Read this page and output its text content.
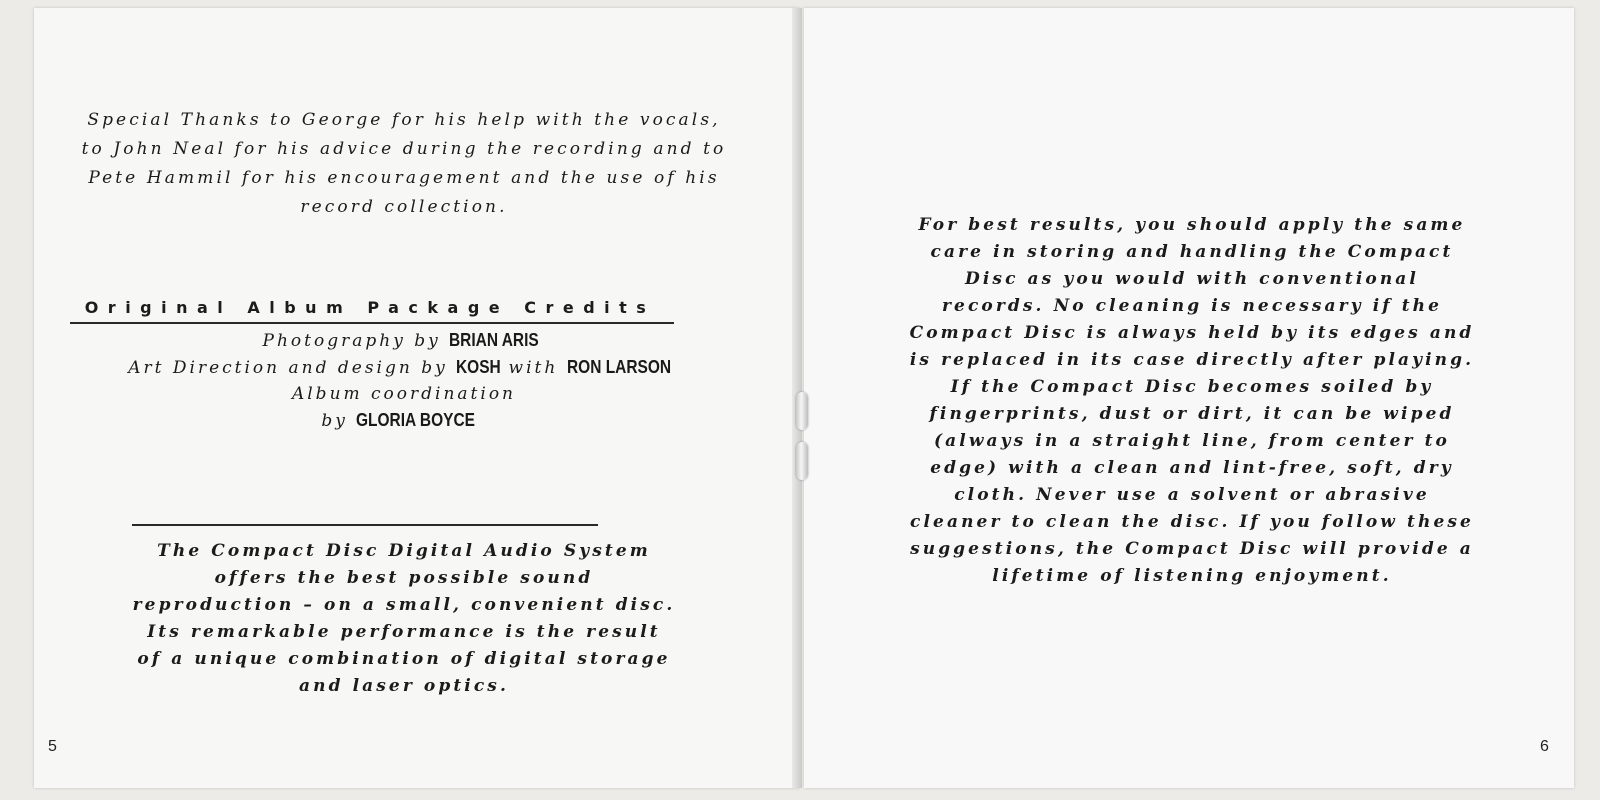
Special Thanks to George for his help with the vocals,
to John Neal for his advice during the recording and to
Pete Hammil for his encouragement and the use of his
record collection.
Original Album Package Credits
Photography by BRIAN ARIS
Art Direction and design by KOSH with RON LARSON
Album coordination
by GLORIA BOYCE
The Compact Disc Digital Audio System
offers the best possible sound
reproduction – on a small, convenient disc.
Its remarkable performance is the result
of a unique combination of digital storage
and laser optics.
5
For best results, you should apply the same
care in storing and handling the Compact
Disc as you would with conventional
records. No cleaning is necessary if the
Compact Disc is always held by its edges and
is replaced in its case directly after playing.
If the Compact Disc becomes soiled by
fingerprints, dust or dirt, it can be wiped
(always in a straight line, from center to
edge) with a clean and lint-free, soft, dry
cloth. Never use a solvent or abrasive
cleaner to clean the disc. If you follow these
suggestions, the Compact Disc will provide a
lifetime of listening enjoyment.
6
